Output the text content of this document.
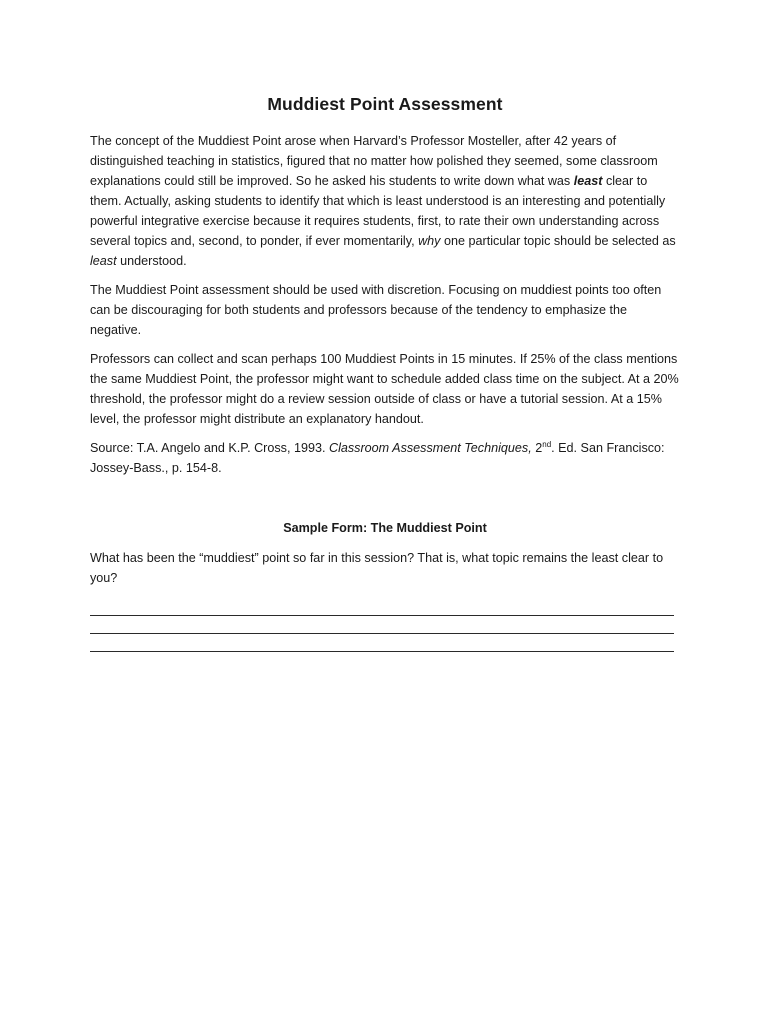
Muddiest Point Assessment

The concept of the Muddiest Point arose when Harvard’s Professor Mosteller, after 42 years of distinguished teaching in statistics, figured that no matter how polished they seemed, some classroom explanations could still be improved. So he asked his students to write down what was least clear to them. Actually, asking students to identify that which is least understood is an interesting and potentially powerful integrative exercise because it requires students, first, to rate their own understanding across several topics and, second, to ponder, if ever momentarily, why one particular topic should be selected as least understood.

The Muddiest Point assessment should be used with discretion. Focusing on muddiest points too often can be discouraging for both students and professors because of the tendency to emphasize the negative.

Professors can collect and scan perhaps 100 Muddiest Points in 15 minutes. If 25% of the class mentions the same Muddiest Point, the professor might want to schedule added class time on the subject. At a 20% threshold, the professor might do a review session outside of class or have a tutorial session. At a 15% level, the professor might distribute an explanatory handout.

Source: T.A. Angelo and K.P. Cross, 1993. Classroom Assessment Techniques, 2nd. Ed. San Francisco: Jossey-Bass., p. 154-8.

Sample Form: The Muddiest Point

What has been the “muddiest” point so far in this session? That is, what topic remains the least clear to you?
